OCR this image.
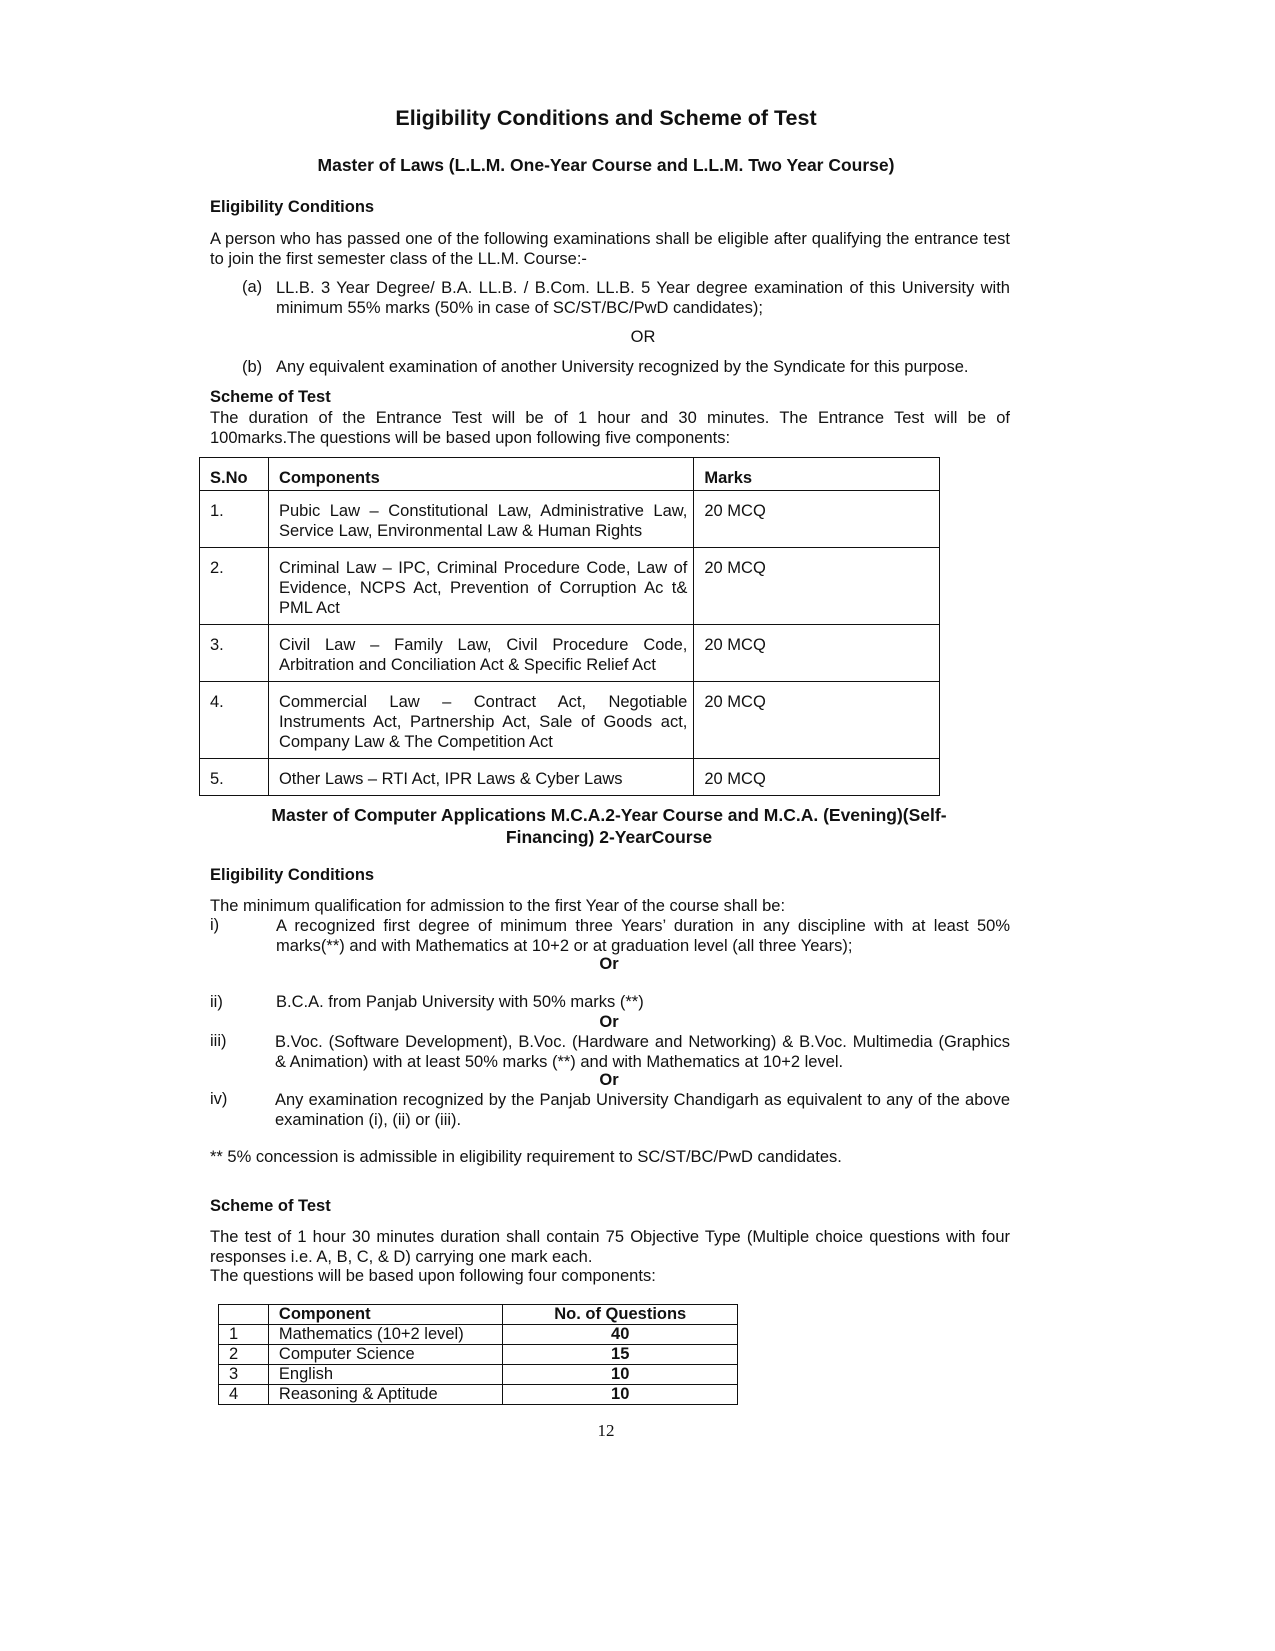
Eligibility Conditions and Scheme of Test
Master of Laws (L.L.M. One-Year Course and L.L.M. Two Year Course)
Eligibility Conditions
A person who has passed one of the following examinations shall be eligible after qualifying the entrance test to join the first semester class of the LL.M. Course:-
(a) LL.B. 3 Year Degree/ B.A. LL.B. / B.Com. LL.B. 5 Year degree examination of this University with minimum 55% marks (50% in case of SC/ST/BC/PwD candidates);
OR
(b) Any equivalent examination of another University recognized by the Syndicate for this purpose.
Scheme of Test
The duration of the Entrance Test will be of 1 hour and 30 minutes. The Entrance Test will be of 100marks.The questions will be based upon following five components:
S.No	Components	Marks
1.	Pubic Law – Constitutional Law, Administrative Law, Service Law, Environmental Law & Human Rights	20 MCQ
2.	Criminal Law – IPC, Criminal Procedure Code, Law of Evidence, NCPS Act, Prevention of Corruption Ac t& PML Act	20 MCQ
3.	Civil Law – Family Law, Civil Procedure Code, Arbitration and Conciliation Act & Specific Relief Act	20 MCQ
4.	Commercial Law – Contract Act, Negotiable Instruments Act, Partnership Act, Sale of Goods act, Company Law & The Competition Act	20 MCQ
5.	Other Laws – RTI Act, IPR Laws & Cyber Laws	20 MCQ
Master of Computer Applications M.C.A.2-Year Course and M.C.A. (Evening)(Self-
Financing) 2-YearCourse
Eligibility Conditions
The minimum qualification for admission to the first Year of the course shall be:
i)	A recognized first degree of minimum three Years’ duration in any discipline with at least 50% marks(**) and with Mathematics at 10+2 or at graduation level (all three Years);
Or
ii)	B.C.A. from Panjab University with 50% marks (**)
Or
iii)	B.Voc. (Software Development), B.Voc. (Hardware and Networking) & B.Voc. Multimedia (Graphics & Animation) with at least 50% marks (**) and with Mathematics at 10+2 level.
Or
iv)	Any examination recognized by the Panjab University Chandigarh as equivalent to any of the above examination (i), (ii) or (iii).
** 5% concession is admissible in eligibility requirement to SC/ST/BC/PwD candidates.
Scheme of Test
The test of 1 hour 30 minutes duration shall contain 75 Objective Type (Multiple choice questions with four responses i.e. A, B, C, & D) carrying one mark each.
The questions will be based upon following four components:
	Component	No. of Questions
1	Mathematics (10+2 level)	40
2	Computer Science	15
3	English	10
4	Reasoning & Aptitude	10
12
